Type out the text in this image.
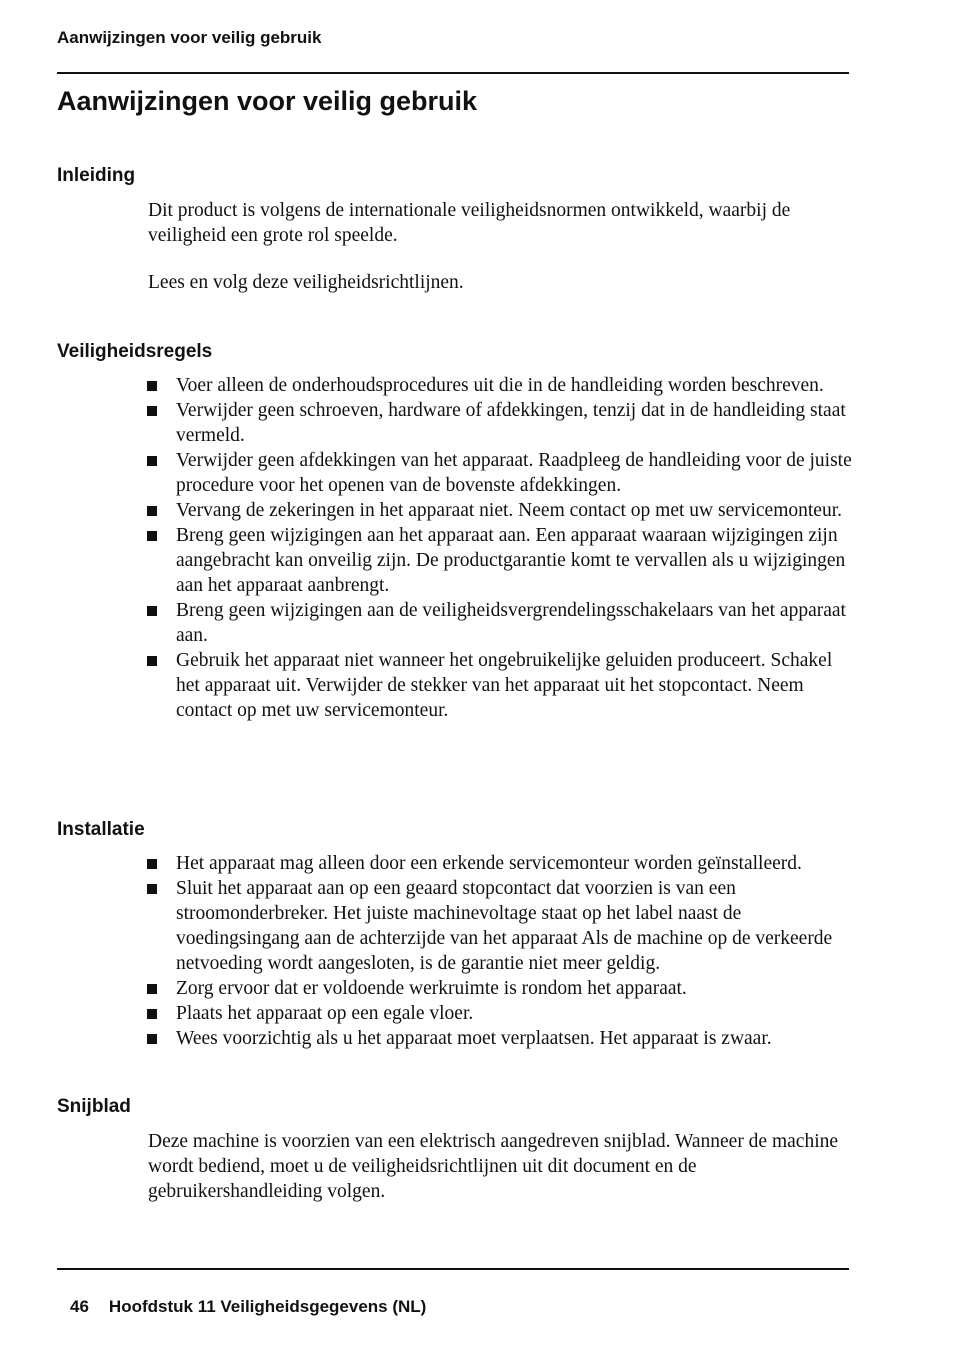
Aanwijzingen voor veilig gebruik
Aanwijzingen voor veilig gebruik
Inleiding

Dit product is volgens de internationale veiligheidsnormen ontwikkeld, waarbij de veiligheid een grote rol speelde.

Lees en volg deze veiligheidsrichtlijnen.

Veiligheidsregels
Voer alleen de onderhoudsprocedures uit die in de handleiding worden beschreven.
Verwijder geen schroeven, hardware of afdekkingen, tenzij dat in de handleiding staat vermeld.
Verwijder geen afdekkingen van het apparaat. Raadpleeg de handleiding voor de juiste procedure voor het openen van de bovenste afdekkingen.
Vervang de zekeringen in het apparaat niet. Neem contact op met uw servicemonteur.
Breng geen wijzigingen aan het apparaat aan. Een apparaat waaraan wijzigingen zijn aangebracht kan onveilig zijn. De productgarantie komt te vervallen als u wijzigingen aan het apparaat aanbrengt.
Breng geen wijzigingen aan de veiligheidsvergrendelingsschakelaars van het apparaat aan.
Gebruik het apparaat niet wanneer het ongebruikelijke geluiden produceert. Schakel het apparaat uit. Verwijder de stekker van het apparaat uit het stopcontact. Neem contact op met uw servicemonteur.
Installatie
Het apparaat mag alleen door een erkende servicemonteur worden geïnstalleerd.
Sluit het apparaat aan op een geaard stopcontact dat voorzien is van een stroomonderbreker. Het juiste machinevoltage staat op het label naast de voedingsingang aan de achterzijde van het apparaat Als de machine op de verkeerde netvoeding wordt aangesloten, is de garantie niet meer geldig.
Zorg ervoor dat er voldoende werkruimte is rondom het apparaat.
Plaats het apparaat op een egale vloer.
Wees voorzichtig als u het apparaat moet verplaatsen. Het apparaat is zwaar.
Snijblad

Deze machine is voorzien van een elektrisch aangedreven snijblad. Wanneer de machine wordt bediend, moet u de veiligheidsrichtlijnen uit dit document en de gebruikershandleiding volgen.

46 Hoofdstuk 11 Veiligheidsgegevens (NL)
